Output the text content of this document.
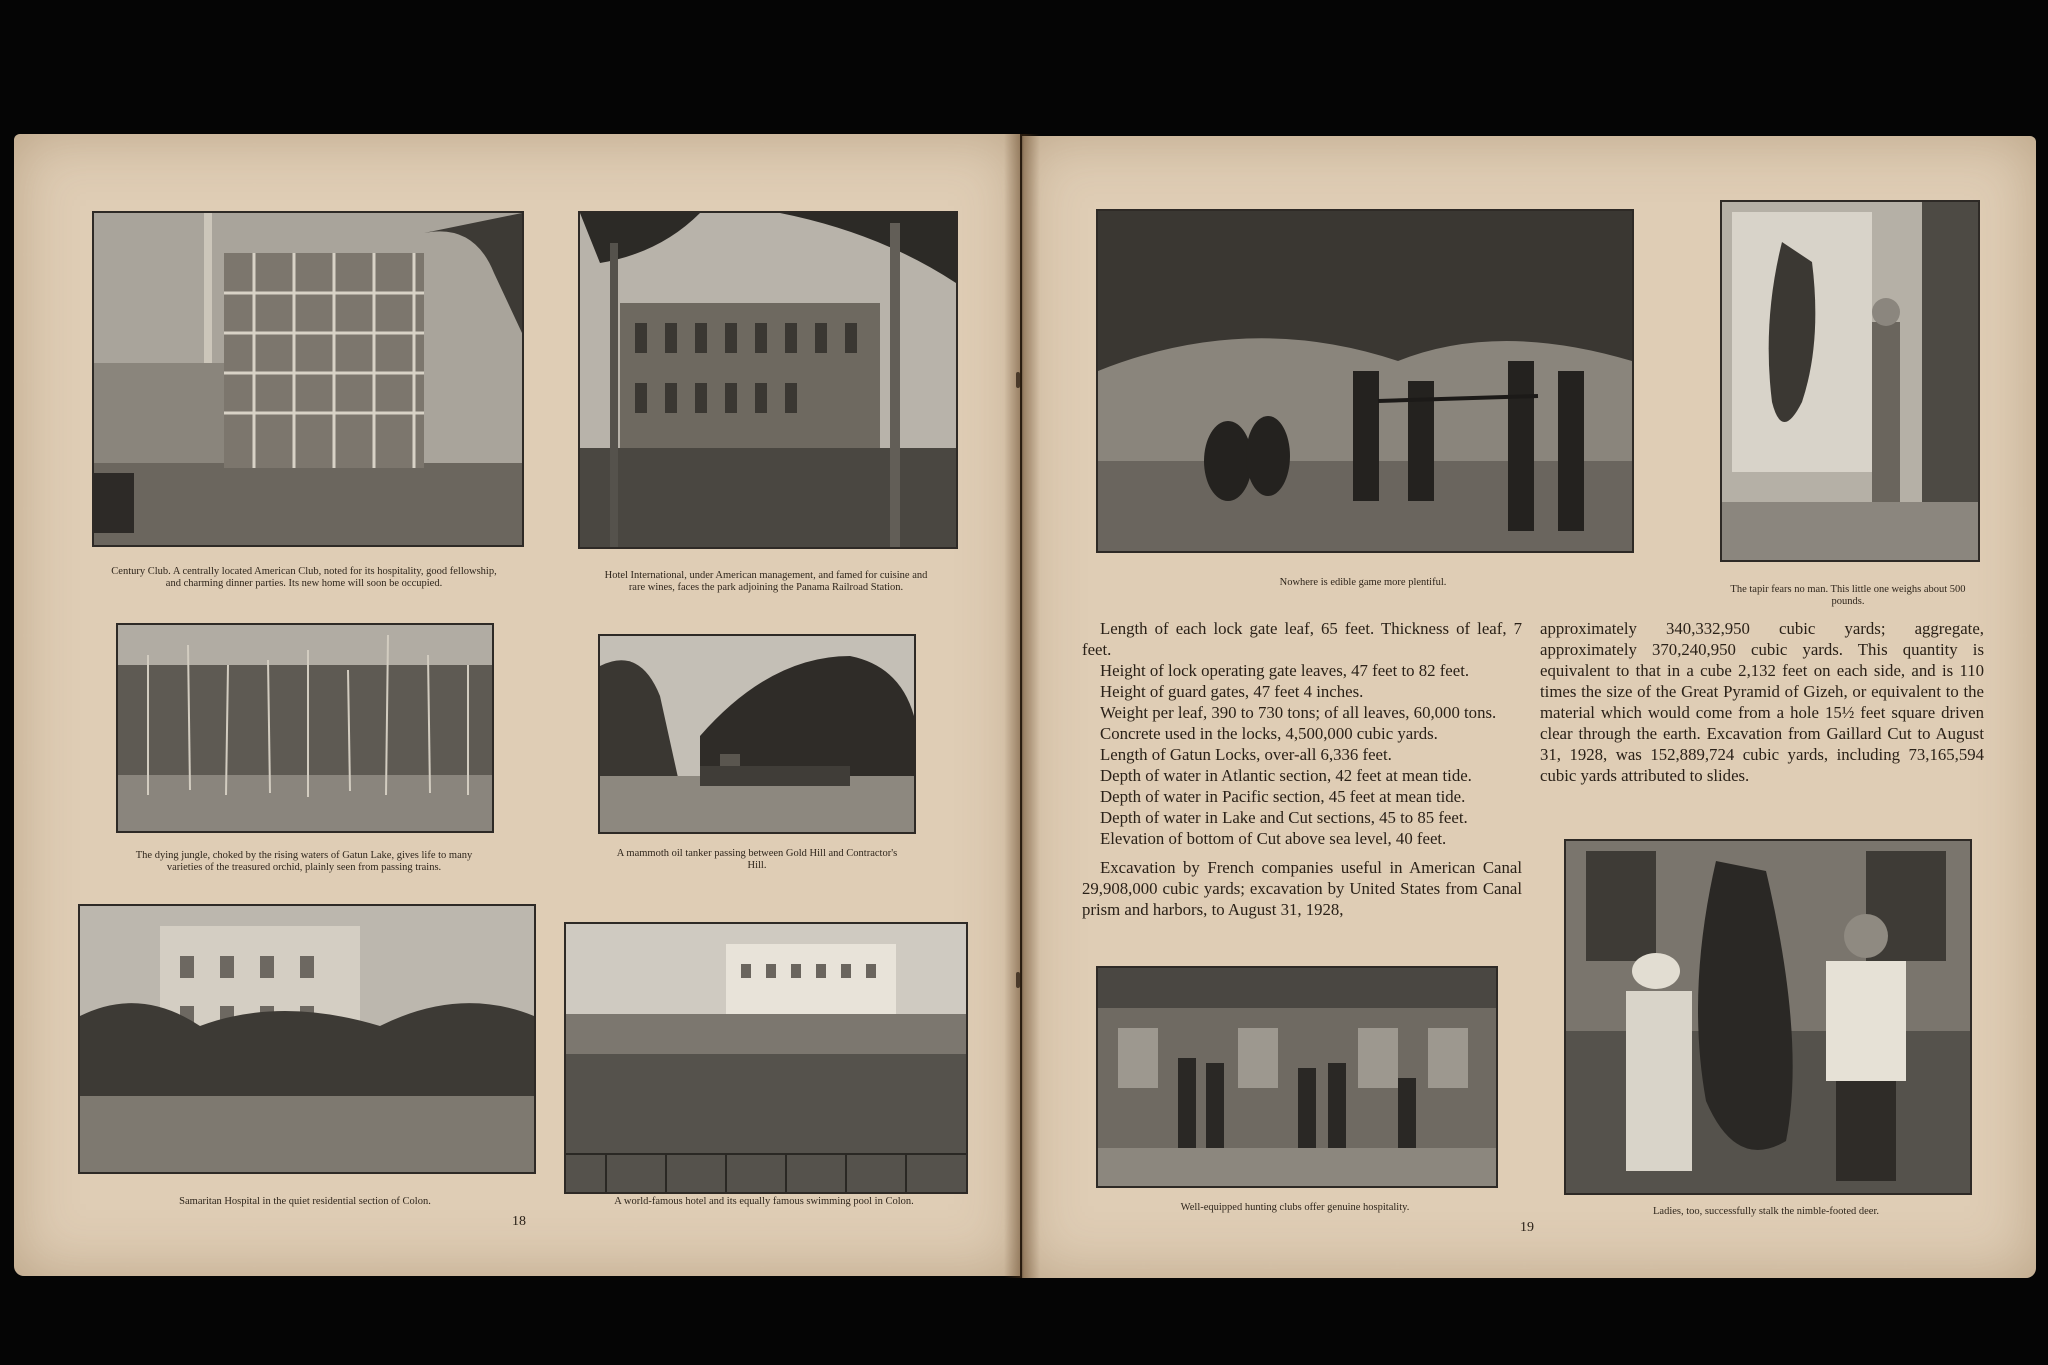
Century Club. A centrally located American Club, noted for its hospitality, good fellowship, and charming dinner parties. Its new home will soon be occupied.
Hotel International, under American management, and famed for cuisine and rare wines, faces the park adjoining the Panama Railroad Station.
The dying jungle, choked by the rising waters of Gatun Lake, gives life to many varieties of the treasured orchid, plainly seen from passing trains.
A mammoth oil tanker passing between Gold Hill and Contractor's Hill.
Samaritan Hospital in the quiet residential section of Colon.	A world-famous hotel and its equally famous swimming pool in Colon.
18
Nowhere is edible game more plentiful.
The tapir fears no man. This little one weighs about 500 pounds.

Length of each lock gate leaf, 65 feet. Thickness of leaf, 7 feet.

Height of lock operating gate leaves, 47 feet to 82 feet.

Height of guard gates, 47 feet 4 inches.

Weight per leaf, 390 to 730 tons; of all leaves, 60,000 tons.

Concrete used in the locks, 4,500,000 cubic yards.

Length of Gatun Locks, over-all 6,336 feet.

Depth of water in Atlantic section, 42 feet at mean tide.

Depth of water in Pacific section, 45 feet at mean tide.

Depth of water in Lake and Cut sections, 45 to 85 feet.

Elevation of bottom of Cut above sea level, 40 feet.

Excavation by French companies useful in American Canal 29,908,000 cubic yards; excavation by United States from Canal prism and harbors, to August 31, 1928,

approximately 340,332,950 cubic yards; aggregate, approximately 370,240,950 cubic yards. This quantity is equivalent to that in a cube 2,132 feet on each side, and is 110 times the size of the Great Pyramid of Gizeh, or equivalent to the material which would come from a hole 15½ feet square driven clear through the earth. Excavation from Gaillard Cut to August 31, 1928, was 152,889,724 cubic yards, including 73,165,594 cubic yards attributed to slides.
Well-equipped hunting clubs offer genuine hospitality.	Ladies, too, successfully stalk the nimble-footed deer.
19
